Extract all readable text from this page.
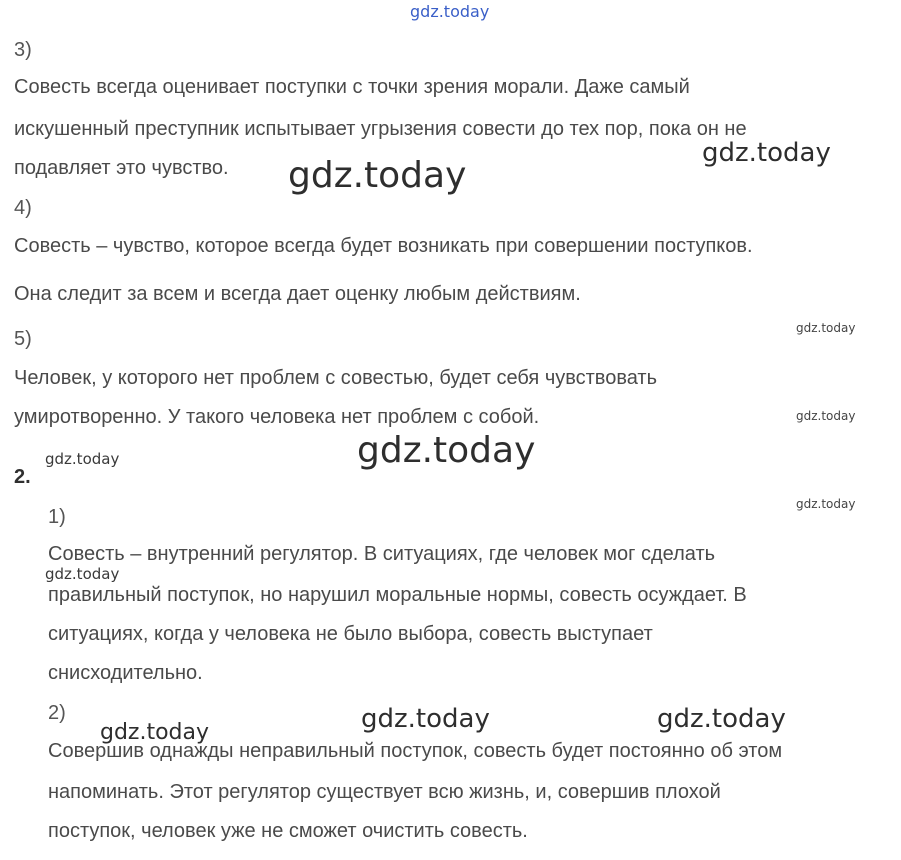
gdz.today
3)
Совесть всегда оценивает поступки с точки зрения морали. Даже самый
искушенный преступник испытывает угрызения совести до тех пор, пока он не
подавляет это чувство.
4)
Совесть – чувство, которое всегда будет возникать при совершении поступков.
Она следит за всем и всегда дает оценку любым действиям.
5)
Человек, у которого нет проблем с совестью, будет себя чувствовать
умиротворенно. У такого человека нет проблем с собой.
2.
1)
Совесть – внутренний регулятор. В ситуациях, где человек мог сделать
правильный поступок, но нарушил моральные нормы, совесть осуждает. В
ситуациях, когда у человека не было выбора, совесть выступает
снисходительно.
2)
Совершив однажды неправильный поступок, совесть будет постоянно об этом
напоминать. Этот регулятор существует всю жизнь, и, совершив плохой
поступок, человек уже не сможет очистить совесть.
gdz.today
gdz.today
gdz.today
gdz.today
gdz.today
gdz.today
gdz.today
gdz.today
gdz.today	gdz.today	gdz.today
